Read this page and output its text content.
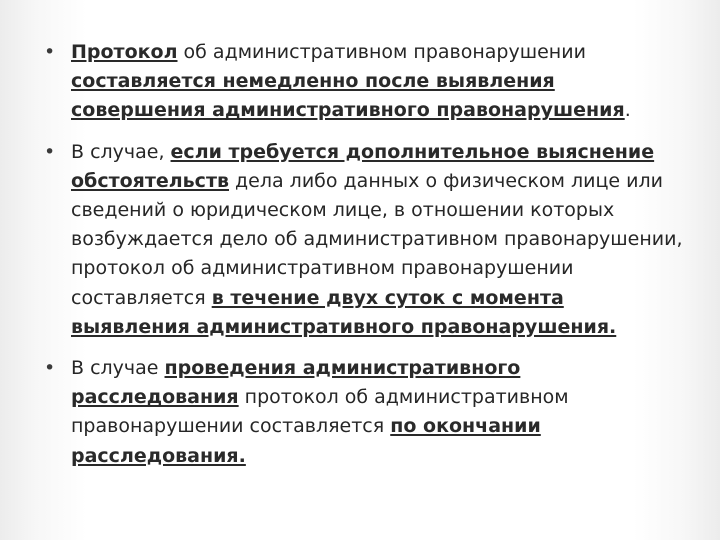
• Протокол об административном правонарушении составляется немедленно после выявления совершения административного правонарушения.
• В случае, если требуется дополнительное выяснение обстоятельств дела либо данных о физическом лице или сведений о юридическом лице, в отношении которых возбуждается дело об административном правонарушении, протокол об административном правонарушении составляется в течение двух суток с момента выявления административного правонарушения.
• В случае проведения административного расследования протокол об административном правонарушении составляется по окончании расследования.
